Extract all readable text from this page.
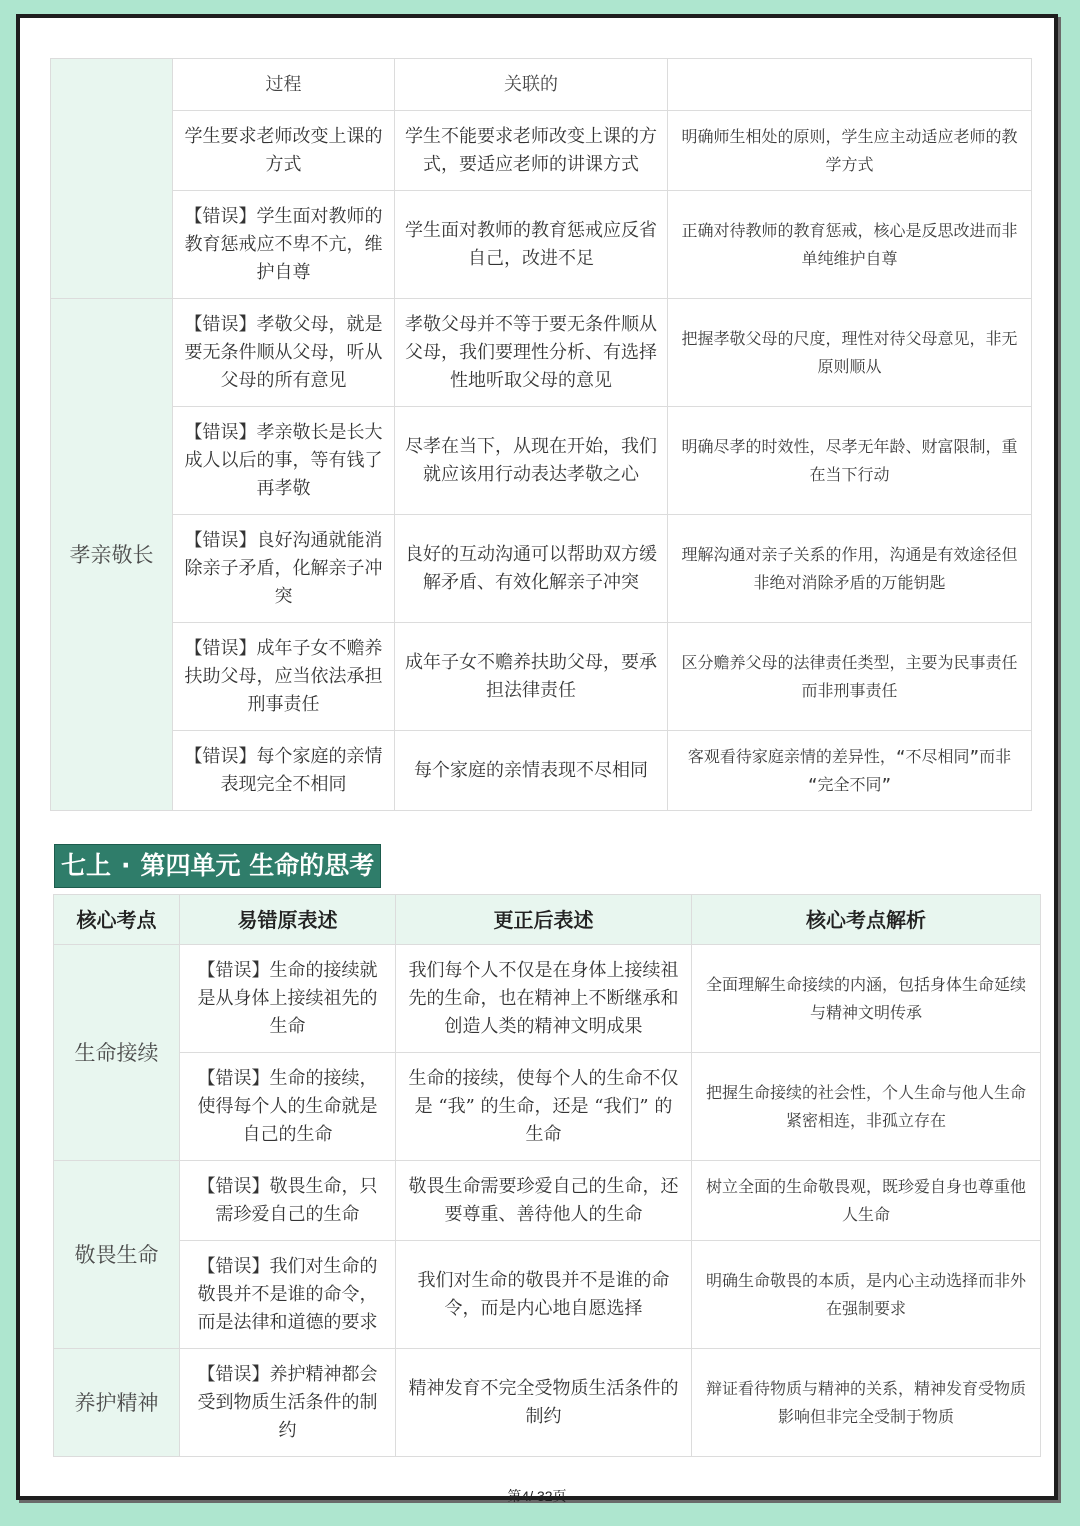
	过程	关联的	
	学生要求老师改变上课的方式	学生不能要求老师改变上课的方式，要适应老师的讲课方式	明确师生相处的原则，学生应主动适应老师的教学方式
	【错误】学生面对教师的教育惩戒应不卑不亢，维护自尊	学生面对教师的教育惩戒应反省自己，改进不足	正确对待教师的教育惩戒，核心是反思改进而非单纯维护自尊
孝亲敬长	【错误】孝敬父母，就是要无条件顺从父母，听从父母的所有意见	孝敬父母并不等于要无条件顺从父母，我们要理性分析、有选择性地听取父母的意见	把握孝敬父母的尺度，理性对待父母意见，非无原则顺从
	【错误】孝亲敬长是长大成人以后的事，等有钱了再孝敬	尽孝在当下，从现在开始，我们就应该用行动表达孝敬之心	明确尽孝的时效性，尽孝无年龄、财富限制，重在当下行动
	【错误】良好沟通就能消除亲子矛盾，化解亲子冲突	良好的互动沟通可以帮助双方缓解矛盾、有效化解亲子冲突	理解沟通对亲子关系的作用，沟通是有效途径但非绝对消除矛盾的万能钥匙
	【错误】成年子女不赡养扶助父母，应当依法承担刑事责任	成年子女不赡养扶助父母，要承担法律责任	区分赡养父母的法律责任类型，主要为民事责任而非刑事责任
	【错误】每个家庭的亲情表现完全不相同	每个家庭的亲情表现不尽相同	客观看待家庭亲情的差异性，“不尽相同”而非 “完全不同”
七上 · 第四单元 生命的思考
核心考点	易错原表述	更正后表述	核心考点解析
生命接续	【错误】生命的接续就是从身体上接续祖先的生命	我们每个人不仅是在身体上接续祖先的生命，也在精神上不断继承和创造人类的精神文明成果	全面理解生命接续的内涵，包括身体生命延续与精神文明传承
	【错误】生命的接续，使得每个人的生命就是自己的生命	生命的接续，使每个人的生命不仅是 “我” 的生命，还是 “我们” 的生命	把握生命接续的社会性，个人生命与他人生命紧密相连，非孤立存在
敬畏生命	【错误】敬畏生命，只需珍爱自己的生命	敬畏生命需要珍爱自己的生命，还要尊重、善待他人的生命	树立全面的生命敬畏观，既珍爱自身也尊重他人生命
	【错误】我们对生命的敬畏并不是谁的命令，而是法律和道德的要求	我们对生命的敬畏并不是谁的命令，而是内心地自愿选择	明确生命敬畏的本质，是内心主动选择而非外在强制要求
养护精神	【错误】养护精神都会受到物质生活条件的制约	精神发育不完全受物质生活条件的制约	辩证看待物质与精神的关系，精神发育受物质影响但非完全受制于物质
第4/ 32页
